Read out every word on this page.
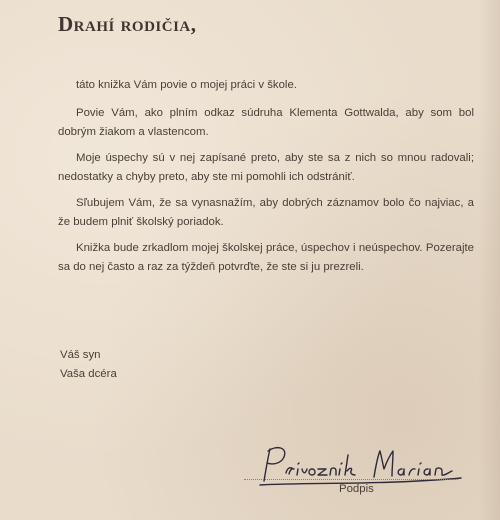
Drahí rodičia,

táto knižka Vám povie o mojej práci v škole.

Povie Vám, ako plním odkaz súdruha Klementa Gottwalda, aby som bol dobrým žiakom a vlastencom.

Moje úspechy sú v nej zapísané preto, aby ste sa z nich so mnou radovali; nedostatky a chyby preto, aby ste mi pomohli ich odstrániť.

Sľubujem Vám, že sa vynasnažím, aby dobrých záznamov bolo čo najviac, a že budem plniť školský poriadok.

Knižka bude zrkadlom mojej školskej práce, úspechov i neúspechov. Pozerajte sa do nej často a raz za týždeň potvrďte, že ste si ju prezreli.

Váš syn
Vaša dcéra
Podpis
